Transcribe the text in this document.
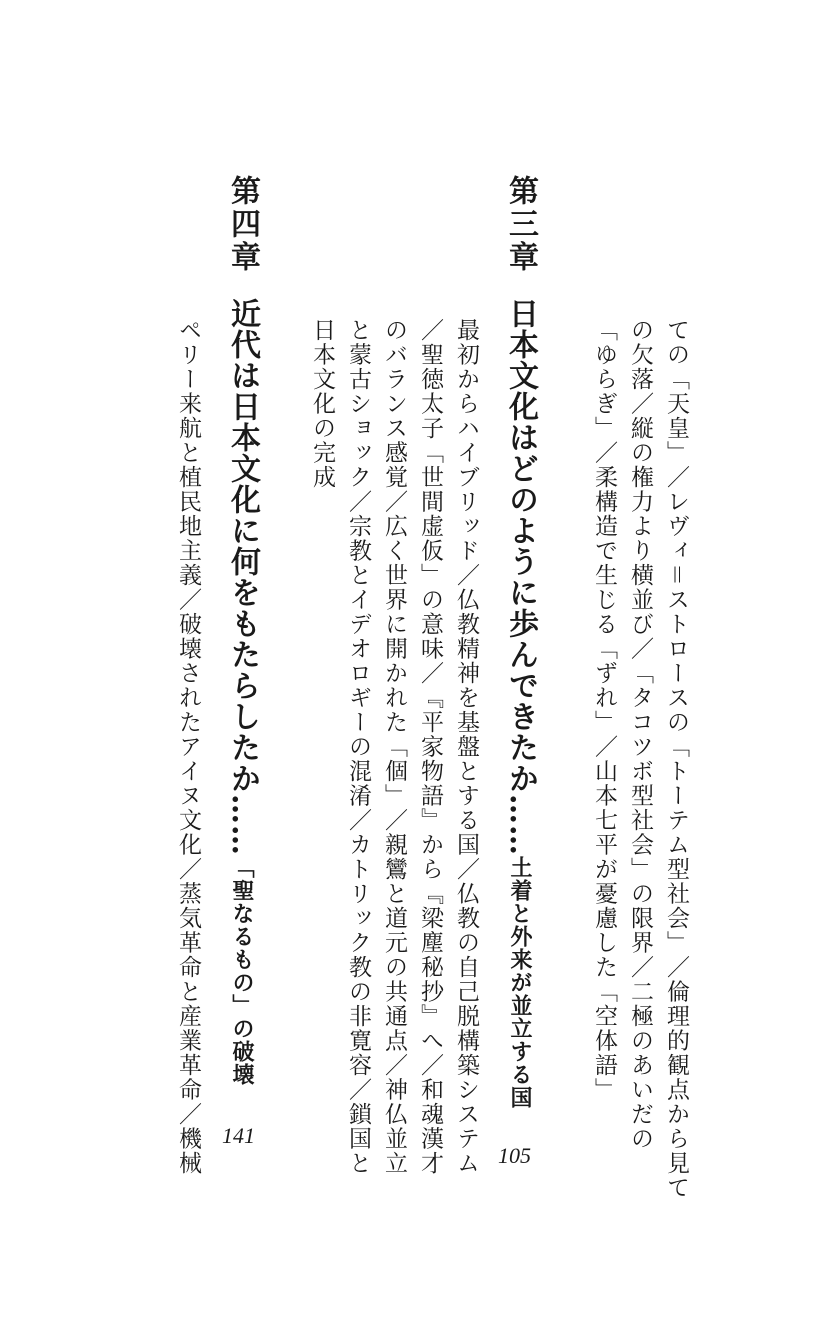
ての「天皇」／レヴィ＝ストロースの「トーテム型社会」／倫理的観点から見て
の欠落／縦の権力より横並び／「タコツボ型社会」の限界／二極のあいだの
「ゆらぎ」／柔構造で生じる「ずれ」／山本七平が憂慮した「空体語」
第三章
日本文化はどのように歩んできたか……土着と外来が並立する国
最初からハイブリッド／仏教精神を基盤とする国／仏教の自己脱構築システム
／聖徳太子「世間虚仮」の意味／『平家物語』から『梁塵秘抄』へ／和魂漢才
のバランス感覚／広く世界に開かれた「個」／親鸞と道元の共通点／神仏並立
と蒙古ショック／宗教とイデオロギーの混淆／カトリック教の非寛容／鎖国と
日本文化の完成
105
第四章
近代は日本文化に何をもたらしたか……「聖なるもの」の破壊
ペリー来航と植民地主義／破壊されたアイヌ文化／蒸気革命と産業革命／機械 141
